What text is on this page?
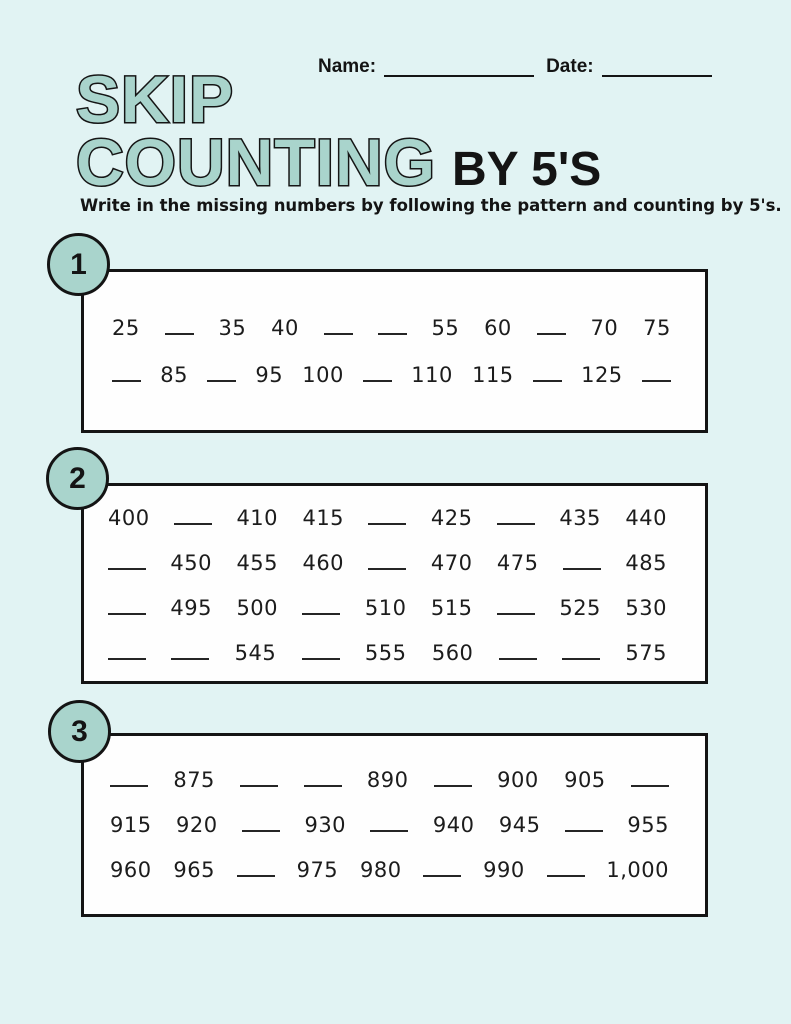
Name:	Date:
SKIP
COUNTING BY 5'S
Write in the missing numbers by following the pattern and counting by 5's.
1
25	35 40	55 60	70 75
85	95 100	110 115	125
2
400	410 415	425	435 440
450 455 460	470 475	485
495 500	510 515	525 530
545	555 560	575
3
875	890	900 905
915 920	930	940 945	955
960 965	975 980	990	1,000
